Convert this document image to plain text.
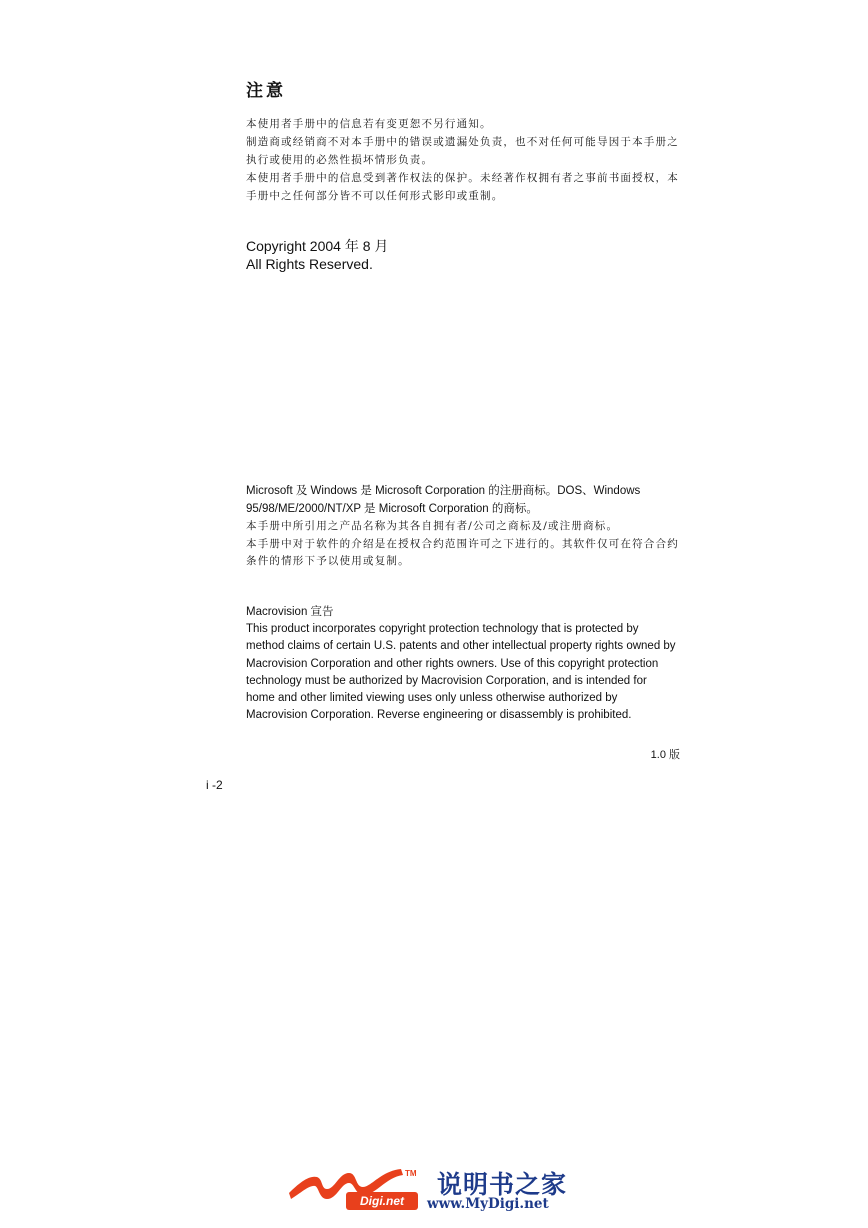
注意
本使用者手册中的信息若有变更恕不另行通知。
制造商或经销商不对本手册中的错误或遗漏处负责，也不对任何可能导因于本手册之
执行或使用的必然性损坏情形负责。
本使用者手册中的信息受到著作权法的保护。未经著作权拥有者之事前书面授权，本
手册中之任何部分皆不可以任何形式影印或重制。
Copyright 2004 年 8 月
All Rights Reserved.
Microsoft 及 Windows 是 Microsoft Corporation 的注册商标。DOS、Windows
95/98/ME/2000/NT/XP 是 Microsoft Corporation 的商标。
本手册中所引用之产品名称为其各自拥有者/公司之商标及/或注册商标。
本手册中对于软件的介绍是在授权合约范围许可之下进行的。其软件仅可在符合合约
条件的情形下予以使用或复制。
Macrovision 宣告
This product incorporates copyright protection technology that is protected by
method claims of certain U.S. patents and other intellectual property rights owned by
Macrovision Corporation and other rights owners. Use of this copyright protection
technology must be authorized by Macrovision Corporation, and is intended for
home and other limited viewing uses only unless otherwise authorized by
Macrovision Corporation. Reverse engineering or disassembly is prohibited.
1.0 版
i -2
TM
Digi.net
说明书之家
www.MyDigi.net
